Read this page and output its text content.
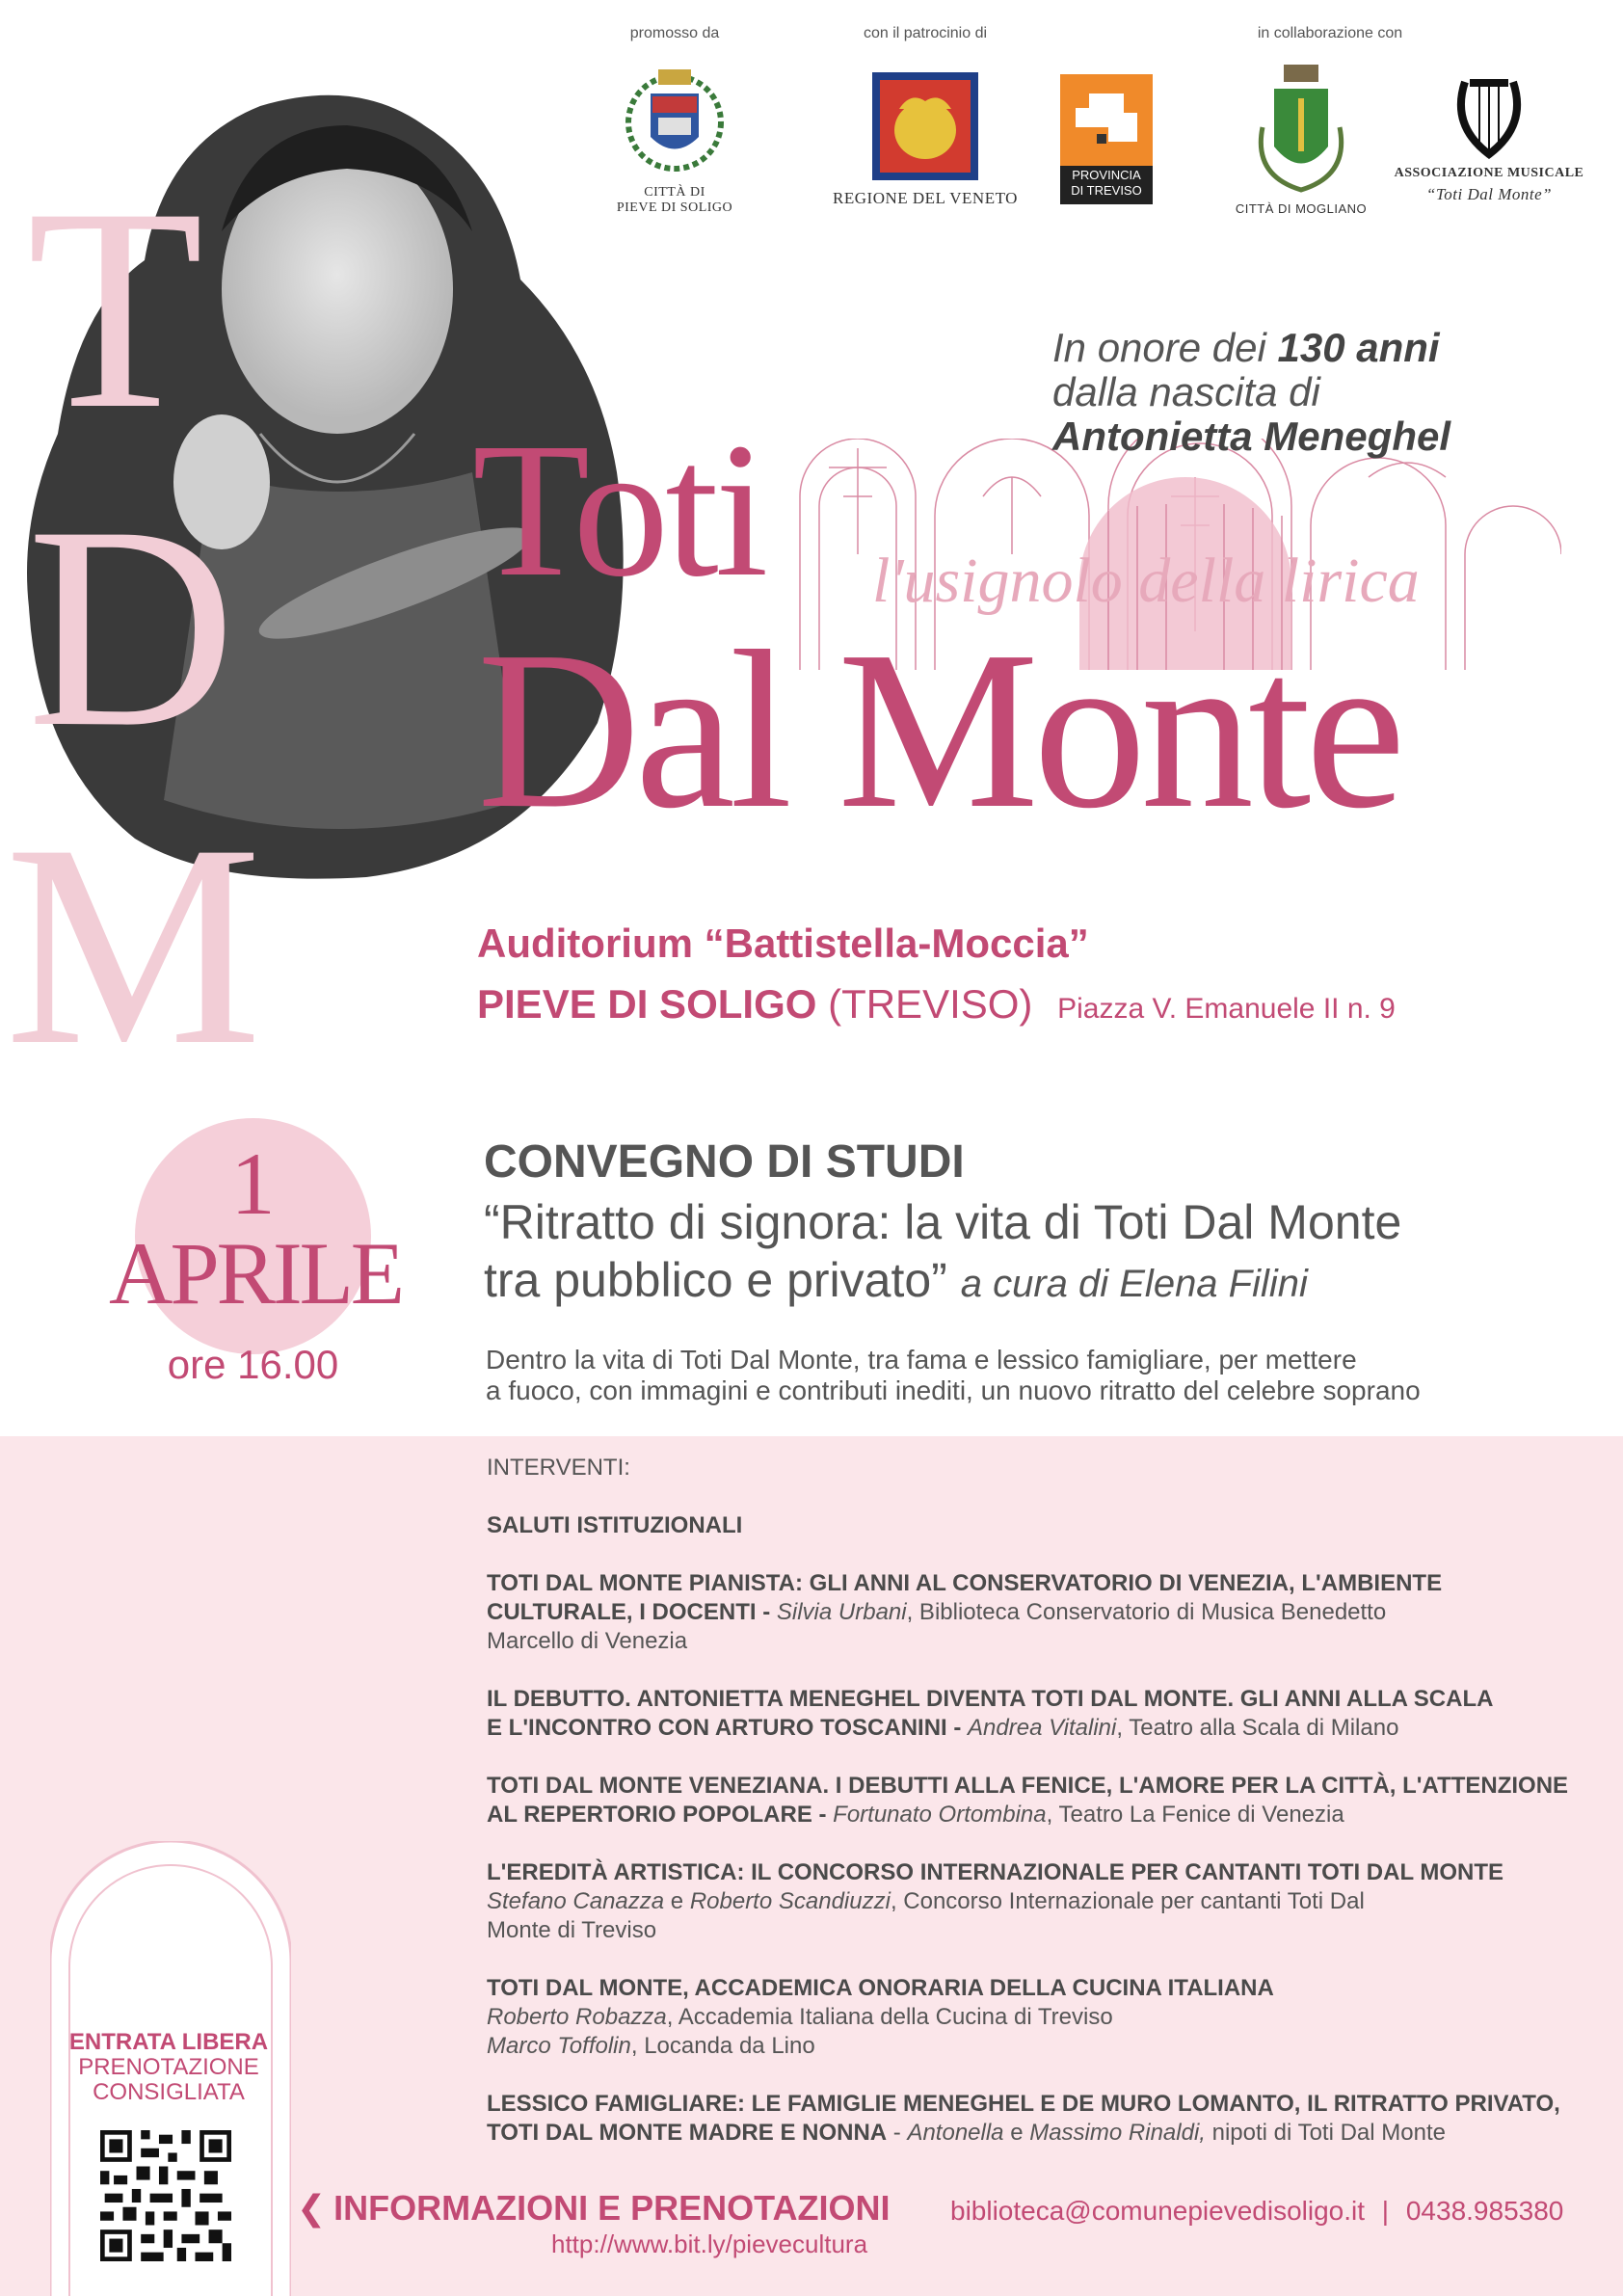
T
D
M
promosso da	con il patrocinio di	in collaborazione con
CITTÀ DI
PIEVE DI SOLIGO
REGIONE DEL VENETO
PROVINCIA
DI TREVISO
CITTÀ DI MOGLIANO
ASSOCIAZIONE MUSICALE
“Toti Dal Monte”
In onore dei 130 anni
dalla nascita di
Antonietta Meneghel
Toti l'usignolo della lirica
Dal Monte
Auditorium “Battistella-Moccia”
PIEVE DI SOLIGO (TREVISO) Piazza V. Emanuele II n. 9
1
APRILE
ore 16.00
CONVEGNO DI STUDI
“Ritratto di signora: la vita di Toti Dal Monte
tra pubblico e privato” a cura di Elena Filini
Dentro la vita di Toti Dal Monte, tra fama e lessico famigliare, per mettere
a fuoco, con immagini e contributi inediti, un nuovo ritratto del celebre soprano
INTERVENTI:
SALUTI ISTITUZIONALI
TOTI DAL MONTE PIANISTA: GLI ANNI AL CONSERVATORIO DI VENEZIA, L'AMBIENTE
CULTURALE, I DOCENTI - Silvia Urbani, Biblioteca Conservatorio di Musica Benedetto
Marcello di Venezia
IL DEBUTTO. ANTONIETTA MENEGHEL DIVENTA TOTI DAL MONTE. GLI ANNI ALLA SCALA
E L'INCONTRO CON ARTURO TOSCANINI - Andrea Vitalini, Teatro alla Scala di Milano
TOTI DAL MONTE VENEZIANA. I DEBUTTI ALLA FENICE, L'AMORE PER LA CITTÀ, L'ATTENZIONE
AL REPERTORIO POPOLARE - Fortunato Ortombina, Teatro La Fenice di Venezia
L'EREDITÀ ARTISTICA: IL CONCORSO INTERNAZIONALE PER CANTANTI TOTI DAL MONTE
Stefano Canazza e Roberto Scandiuzzi, Concorso Internazionale per cantanti Toti Dal
Monte di Treviso
TOTI DAL MONTE, ACCADEMICA ONORARIA DELLA CUCINA ITALIANA
Roberto Robazza, Accademia Italiana della Cucina di Treviso
Marco Toffolin, Locanda da Lino
LESSICO FAMIGLIARE: LE FAMIGLIE MENEGHEL E DE MURO LOMANTO, IL RITRATTO PRIVATO,
TOTI DAL MONTE MADRE E NONNA - Antonella e Massimo Rinaldi, nipoti di Toti Dal Monte
ENTRATA LIBERA
PRENOTAZIONE
CONSIGLIATA
❮ INFORMAZIONI E PRENOTAZIONI
http://www.bit.ly/pievecultura
biblioteca@comunepievedisoligo.it | 0438.985380
